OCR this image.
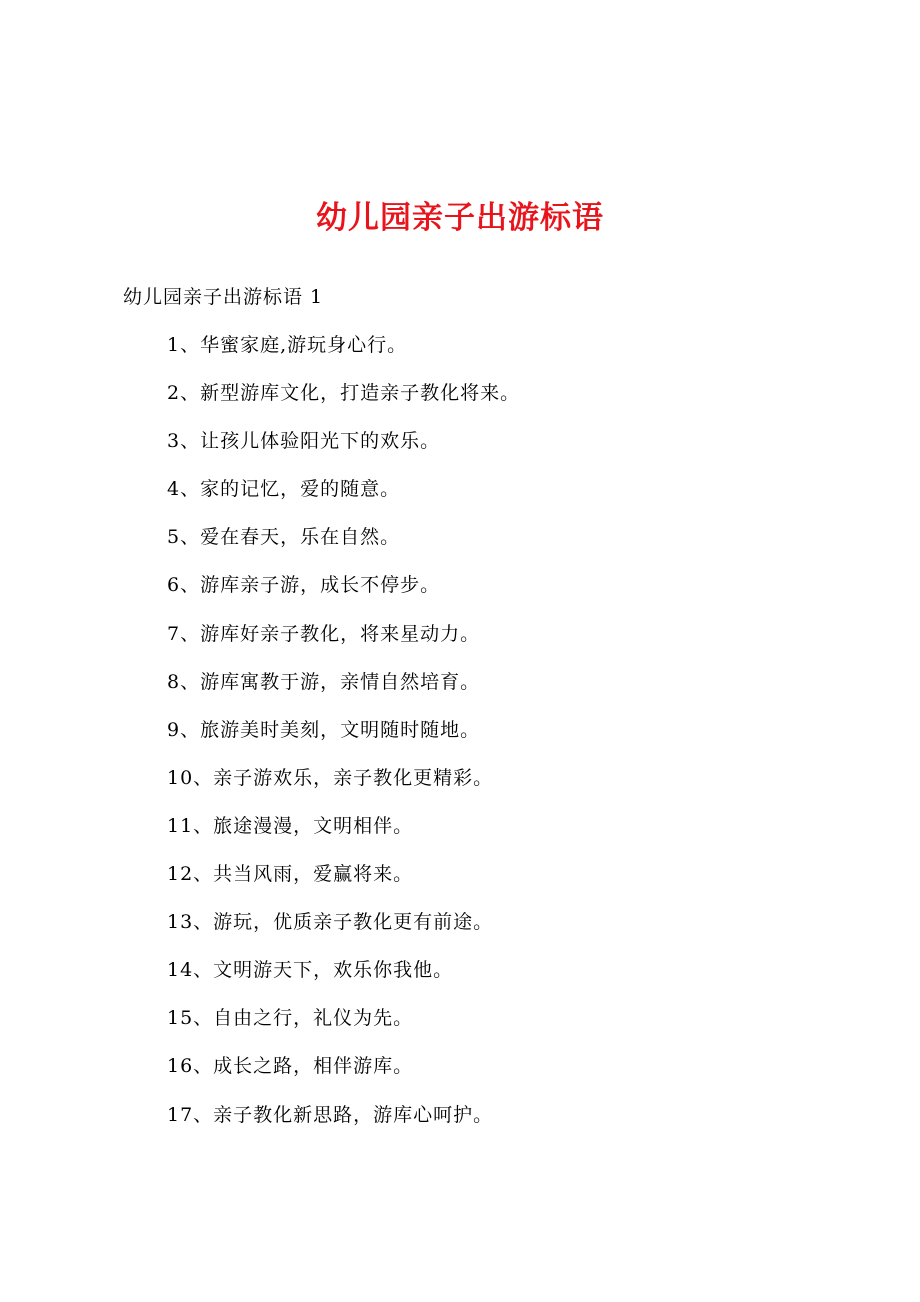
幼儿园亲子出游标语
幼儿园亲子出游标语 1
1、华蜜家庭,游玩身心行。
2、新型游库文化，打造亲子教化将来。
3、让孩儿体验阳光下的欢乐。
4、家的记忆，爱的随意。
5、爱在春天，乐在自然。
6、游库亲子游，成长不停步。
7、游库好亲子教化，将来星动力。
8、游库寓教于游，亲情自然培育。
9、旅游美时美刻，文明随时随地。
10、亲子游欢乐，亲子教化更精彩。
11、旅途漫漫，文明相伴。
12、共当风雨，爱赢将来。
13、游玩，优质亲子教化更有前途。
14、文明游天下，欢乐你我他。
15、自由之行，礼仪为先。
16、成长之路，相伴游库。
17、亲子教化新思路，游库心呵护。
